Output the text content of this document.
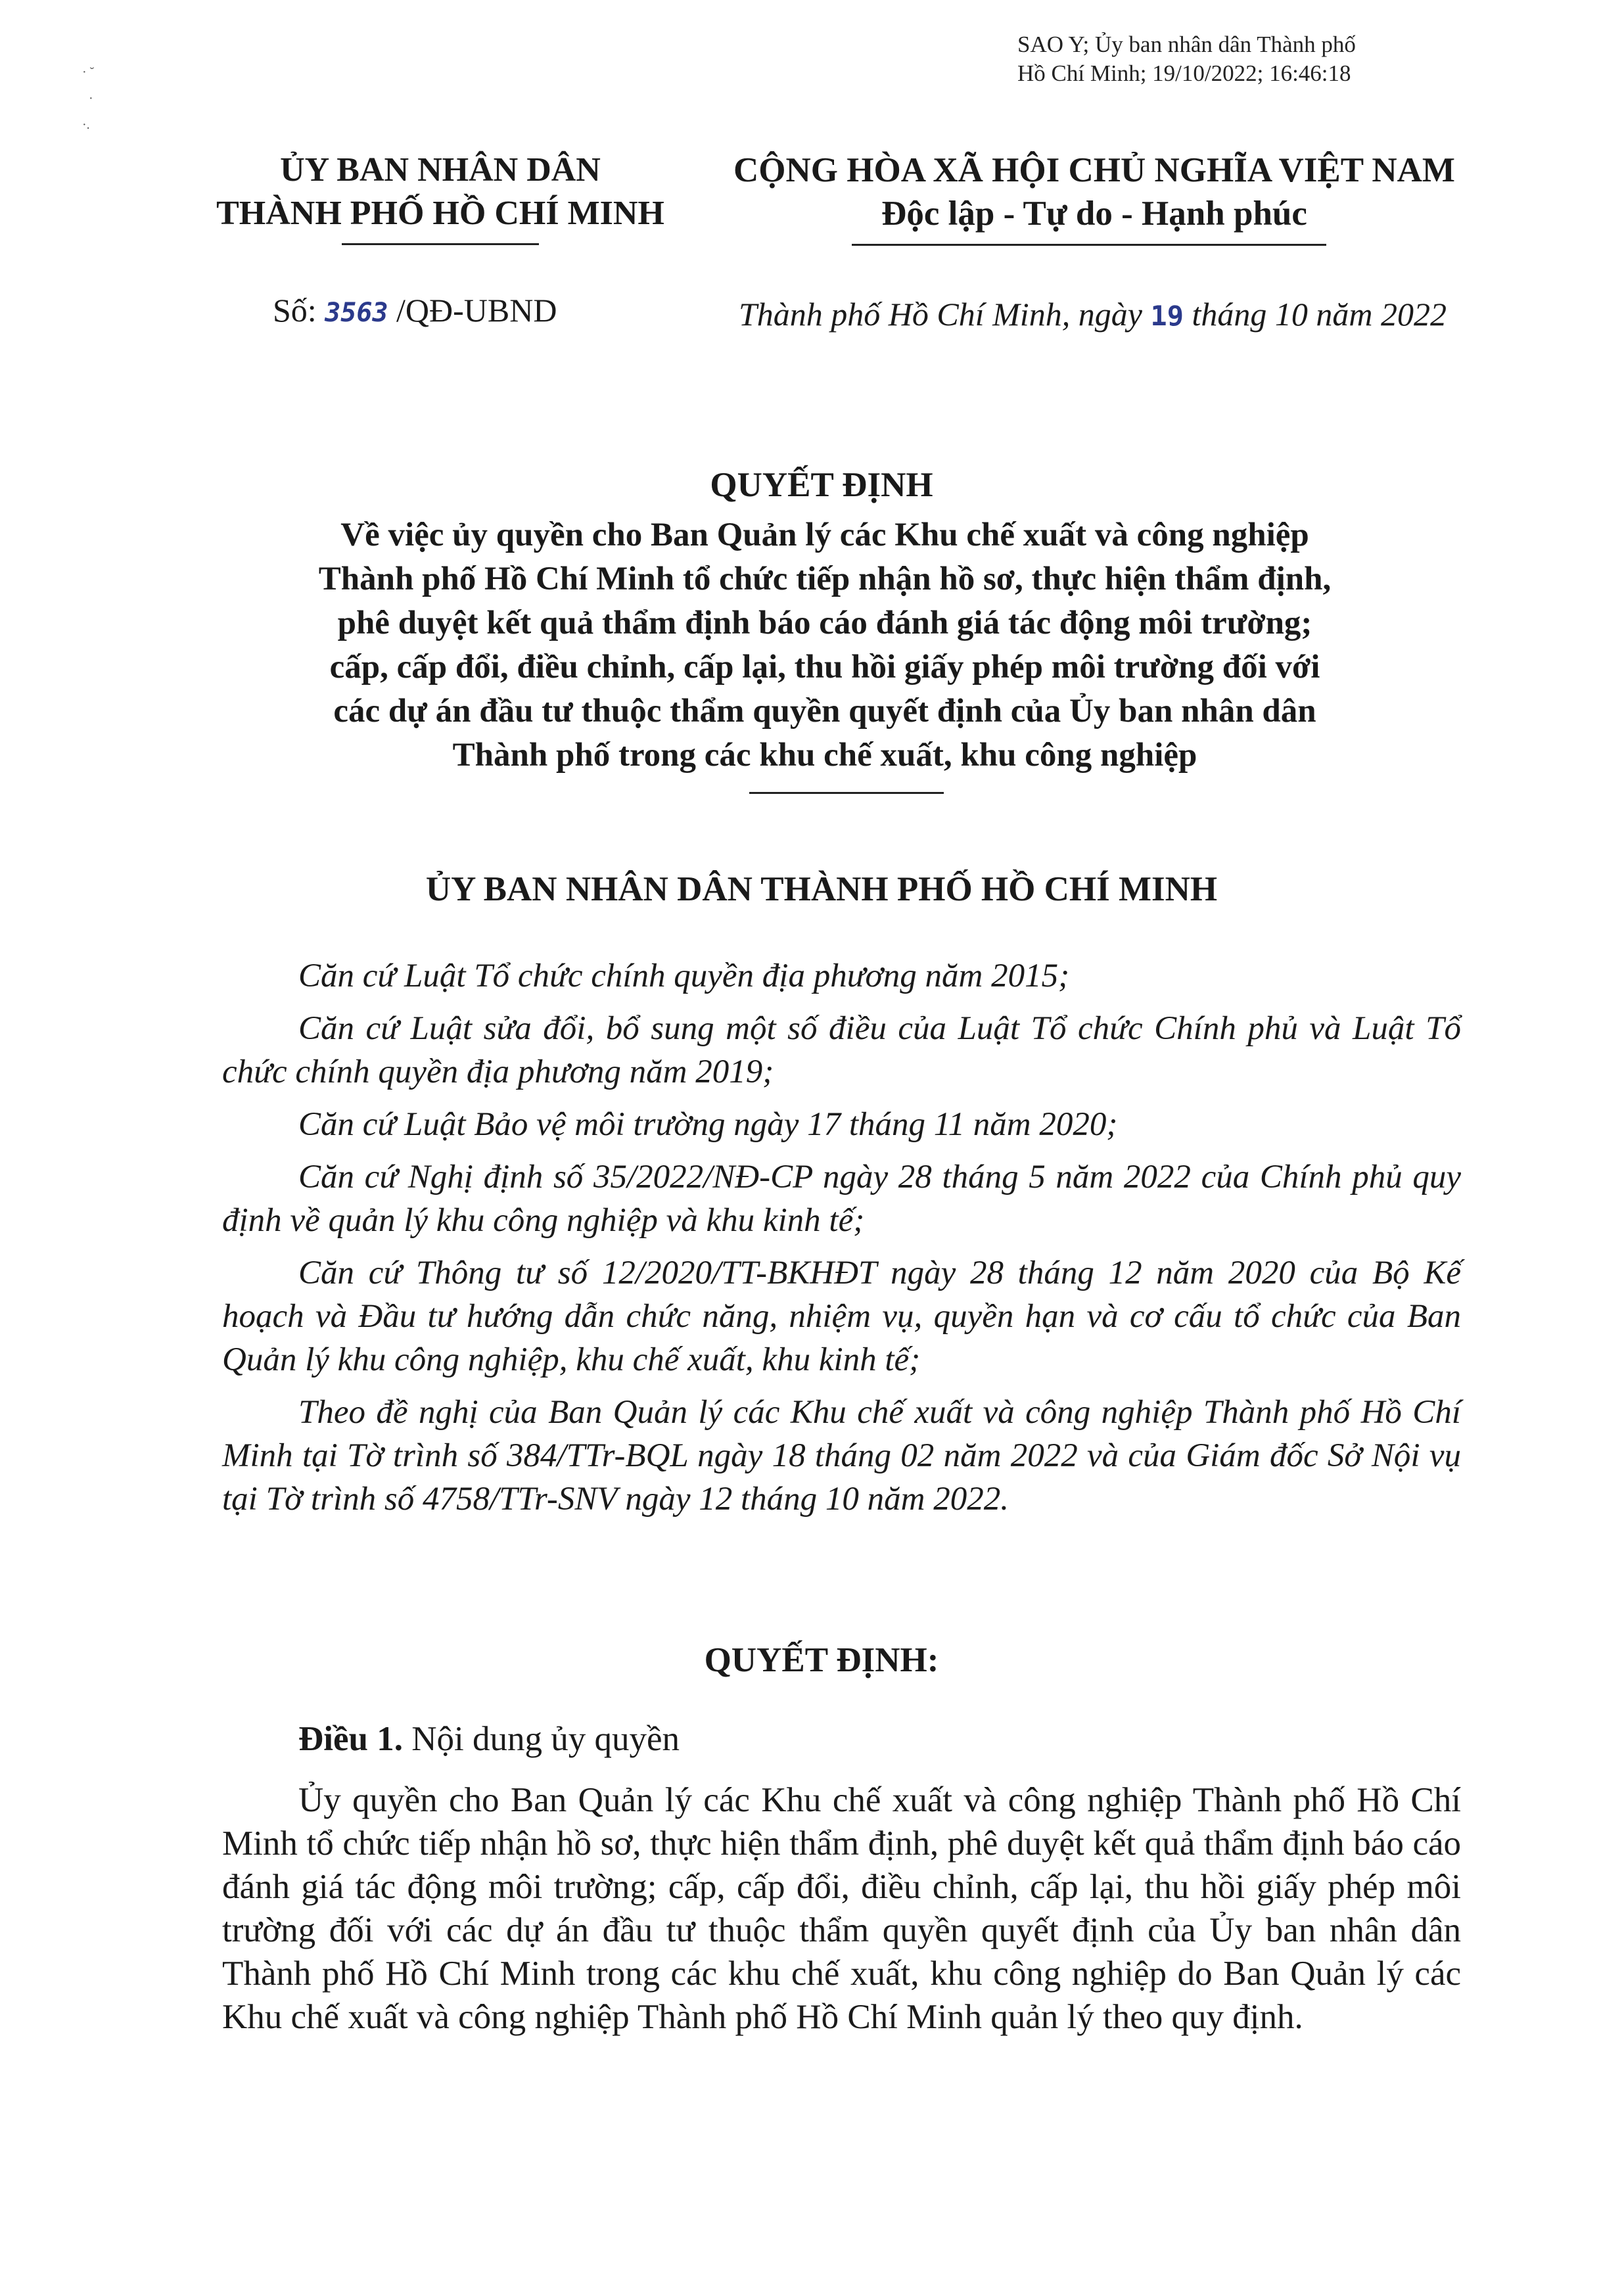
SAO Y; Ủy ban nhân dân Thành phố
Hồ Chí Minh; 19/10/2022; 16:46:18
· ˘
·
·.
ỦY BAN NHÂN DÂN
THÀNH PHỐ HỒ CHÍ MINH
CỘNG HÒA XÃ HỘI CHỦ NGHĨA VIỆT NAM
Độc lập - Tự do - Hạnh phúc
Số: 3563 /QĐ-UBND	Thành phố Hồ Chí Minh, ngày 19 tháng 10 năm 2022
QUYẾT ĐỊNH
Về việc ủy quyền cho Ban Quản lý các Khu chế xuất và công nghiệp
Thành phố Hồ Chí Minh tổ chức tiếp nhận hồ sơ, thực hiện thẩm định,
phê duyệt kết quả thẩm định báo cáo đánh giá tác động môi trường;
cấp, cấp đổi, điều chỉnh, cấp lại, thu hồi giấy phép môi trường đối với
các dự án đầu tư thuộc thẩm quyền quyết định của Ủy ban nhân dân
Thành phố trong các khu chế xuất, khu công nghiệp
ỦY BAN NHÂN DÂN THÀNH PHỐ HỒ CHÍ MINH

Căn cứ Luật Tổ chức chính quyền địa phương năm 2015;

Căn cứ Luật sửa đổi, bổ sung một số điều của Luật Tổ chức Chính phủ và Luật Tổ chức chính quyền địa phương năm 2019;

Căn cứ Luật Bảo vệ môi trường ngày 17 tháng 11 năm 2020;

Căn cứ Nghị định số 35/2022/NĐ-CP ngày 28 tháng 5 năm 2022 của Chính phủ quy định về quản lý khu công nghiệp và khu kinh tế;

Căn cứ Thông tư số 12/2020/TT-BKHĐT ngày 28 tháng 12 năm 2020 của Bộ Kế hoạch và Đầu tư hướng dẫn chức năng, nhiệm vụ, quyền hạn và cơ cấu tổ chức của Ban Quản lý khu công nghiệp, khu chế xuất, khu kinh tế;

Theo đề nghị của Ban Quản lý các Khu chế xuất và công nghiệp Thành phố Hồ Chí Minh tại Tờ trình số 384/TTr-BQL ngày 18 tháng 02 năm 2022 và của Giám đốc Sở Nội vụ tại Tờ trình số 4758/TTr-SNV ngày 12 tháng 10 năm 2022.

QUYẾT ĐỊNH:
Điều 1. Nội dung ủy quyền

Ủy quyền cho Ban Quản lý các Khu chế xuất và công nghiệp Thành phố Hồ Chí Minh tổ chức tiếp nhận hồ sơ, thực hiện thẩm định, phê duyệt kết quả thẩm định báo cáo đánh giá tác động môi trường; cấp, cấp đổi, điều chỉnh, cấp lại, thu hồi giấy phép môi trường đối với các dự án đầu tư thuộc thẩm quyền quyết định của Ủy ban nhân dân Thành phố Hồ Chí Minh trong các khu chế xuất, khu công nghiệp do Ban Quản lý các Khu chế xuất và công nghiệp Thành phố Hồ Chí Minh quản lý theo quy định.
